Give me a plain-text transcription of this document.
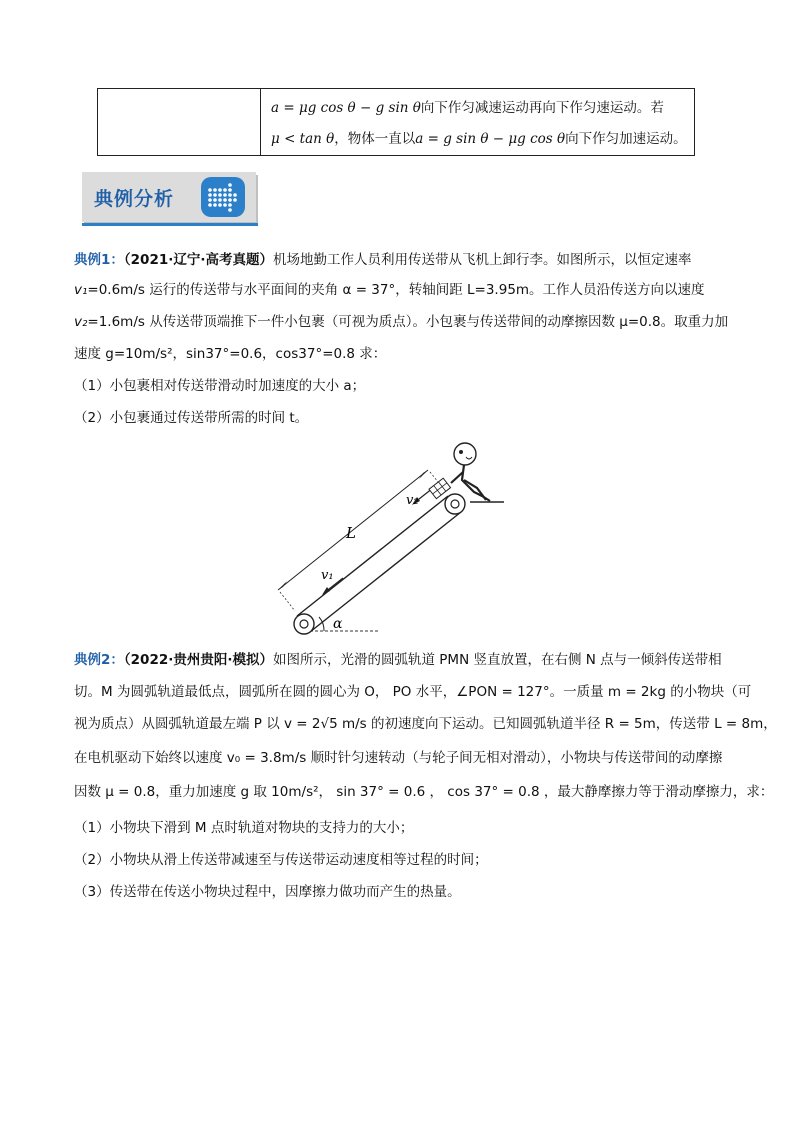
a = μg cos θ − g sin θ向下作匀减速运动再向下作匀速运动。若
μ < tan θ，物体一直以a = g sin θ − μg cos θ向下作匀加速运动。
典例分析
典例1：（2021·辽宁·高考真题）机场地勤工作人员利用传送带从飞机上卸行李。如图所示，以恒定速率
v₁=0.6m/s 运行的传送带与水平面间的夹角 α = 37°，转轴间距 L=3.95m。工作人员沿传送方向以速度
v₂=1.6m/s 从传送带顶端推下一件小包裹（可视为质点）。小包裹与传送带间的动摩擦因数 μ=0.8。取重力加
速度 g=10m/s²，sin37°=0.6，cos37°=0.8 求：
（1）小包裹相对传送带滑动时加速度的大小 a；
（2）小包裹通过传送带所需的时间 t。
α
L
v₁
v₂
典例2：（2022·贵州贵阳·模拟）如图所示，光滑的圆弧轨道 PMN 竖直放置，在右侧 N 点与一倾斜传送带相
切。M 为圆弧轨道最低点，圆弧所在圆的圆心为 O， PO 水平，∠PON = 127°。一质量 m = 2kg 的小物块（可
视为质点）从圆弧轨道最左端 P 以 v = 2√5 m/s 的初速度向下运动。已知圆弧轨道半径 R = 5m，传送带 L = 8m，
在电机驱动下始终以速度 v₀ = 3.8m/s 顺时针匀速转动（与轮子间无相对滑动），小物块与传送带间的动摩擦
因数 μ = 0.8，重力加速度 g 取 10m/s²， sin 37° = 0.6 ， cos 37° = 0.8 ，最大静摩擦力等于滑动摩擦力，求：
（1）小物块下滑到 M 点时轨道对物块的支持力的大小；
（2）小物块从滑上传送带减速至与传送带运动速度相等过程的时间；
（3）传送带在传送小物块过程中，因摩擦力做功而产生的热量。
